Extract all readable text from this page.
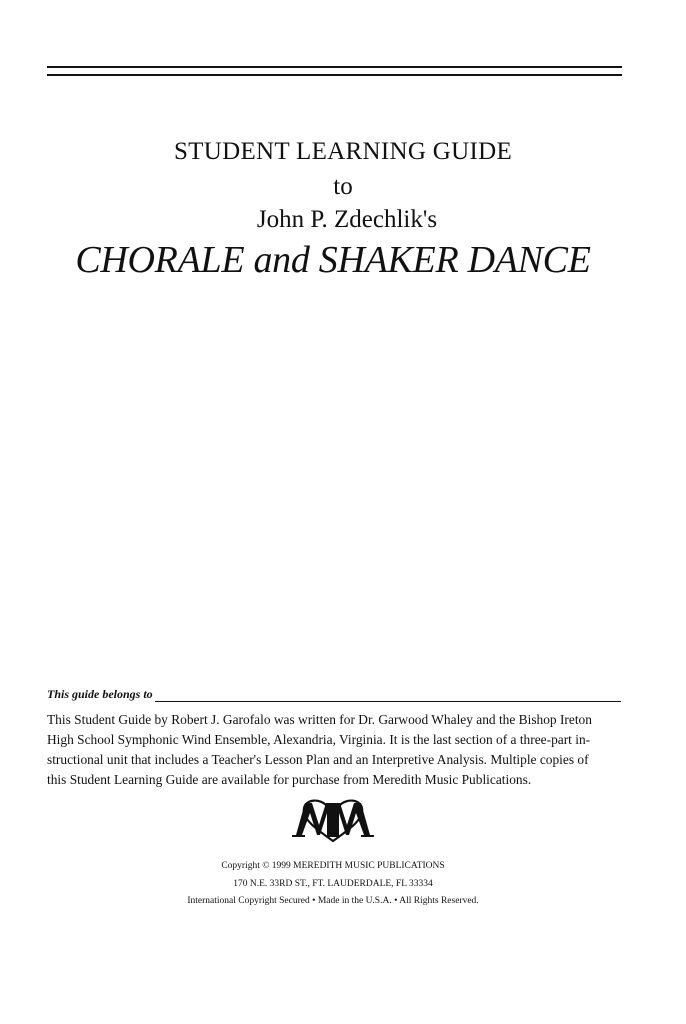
STUDENT LEARNING GUIDE
to
John P. Zdechlik's
CHORALE and SHAKER DANCE
This guide belongs to
This Student Guide by Robert J. Garofalo was written for Dr. Garwood Whaley and the Bishop Ireton
High School Symphonic Wind Ensemble, Alexandria, Virginia. It is the last section of a three-part in-
structional unit that includes a Teacher's Lesson Plan and an Interpretive Analysis. Multiple copies of
this Student Learning Guide are available for purchase from Meredith Music Publications.
Copyright © 1999 MEREDITH MUSIC PUBLICATIONS
170 N.E. 33RD ST., FT. LAUDERDALE, FL 33334
International Copyright Secured • Made in the U.S.A. • All Rights Reserved.
